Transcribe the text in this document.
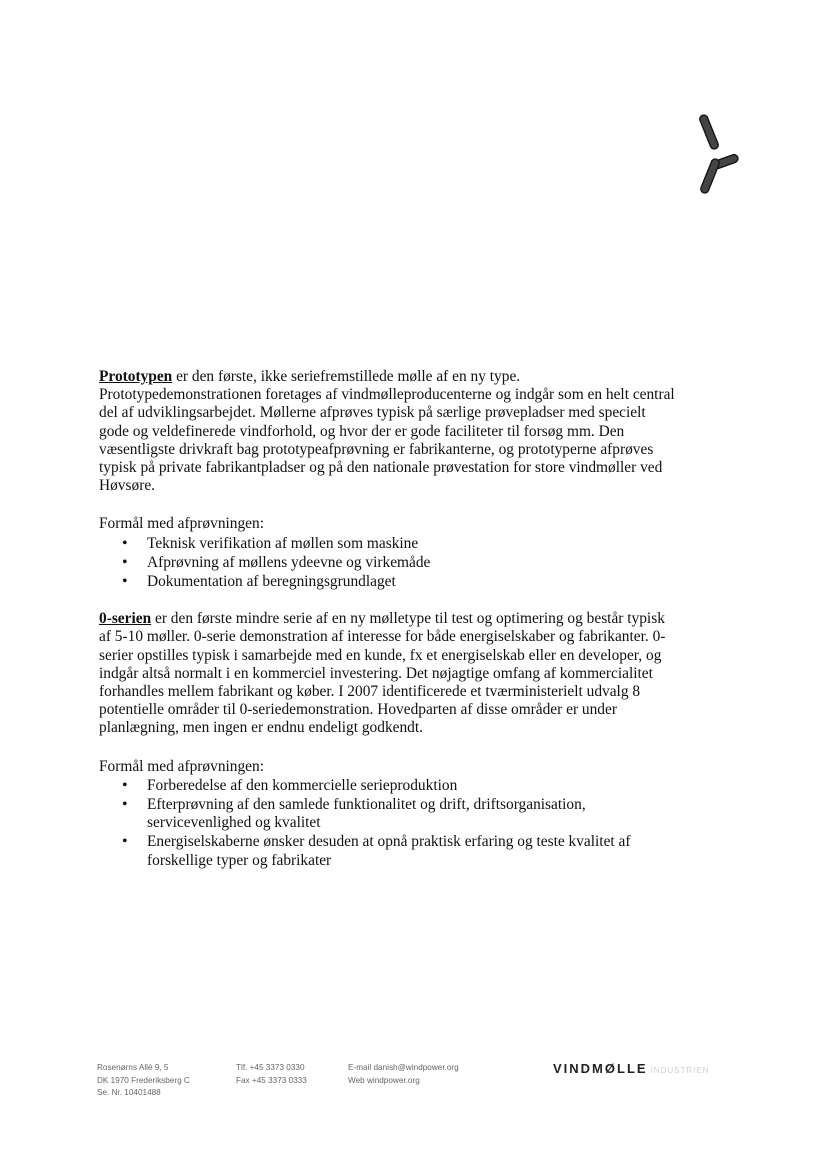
Prototypen er den første, ikke seriefremstillede mølle af en ny type. Prototypedemonstrationen foretages af vindmølleproducenterne og indgår som en helt central del af udviklingsarbejdet. Møllerne afprøves typisk på særlige prøvepladser med specielt gode og veldefinerede vindforhold, og hvor der er gode faciliteter til forsøg mm. Den væsentligste drivkraft bag prototypeafprøvning er fabrikanterne, og prototyperne afprøves typisk på private fabrikantpladser og på den nationale prøvestation for store vindmøller ved Høvsøre.

Formål med afprøvningen:

• Teknisk verifikation af møllen som maskine
• Afprøvning af møllens ydeevne og virkemåde
• Dokumentation af beregningsgrundlaget

0-serien er den første mindre serie af en ny mølletype til test og optimering og består typisk af 5-10 møller. 0-serie demonstration af interesse for både energiselskaber og fabrikanter. 0-serier opstilles typisk i samarbejde med en kunde, fx et energiselskab eller en developer, og indgår altså normalt i en kommerciel investering. Det nøjagtige omfang af kommercialitet forhandles mellem fabrikant og køber. I 2007 identificerede et tværministerielt udvalg 8 potentielle områder til 0-seriedemonstration. Hovedparten af disse områder er under planlægning, men ingen er endnu endeligt godkendt.

Formål med afprøvningen:

• Forberedelse af den kommercielle serieproduktion
• Efterprøvning af den samlede funktionalitet og drift, driftsorganisation, servicevenlighed og kvalitet
• Energiselskaberne ønsker desuden at opnå praktisk erfaring og teste kvalitet af forskellige typer og fabrikater
Rosenørns Allé 9, 5
DK 1970 Frederiksberg C
Se. Nr. 10401488
Tlf. +45 3373 0330
Fax +45 3373 0333
E-mail danish@windpower.org
Web windpower.org
VINDMØLLE INDUSTRIEN
